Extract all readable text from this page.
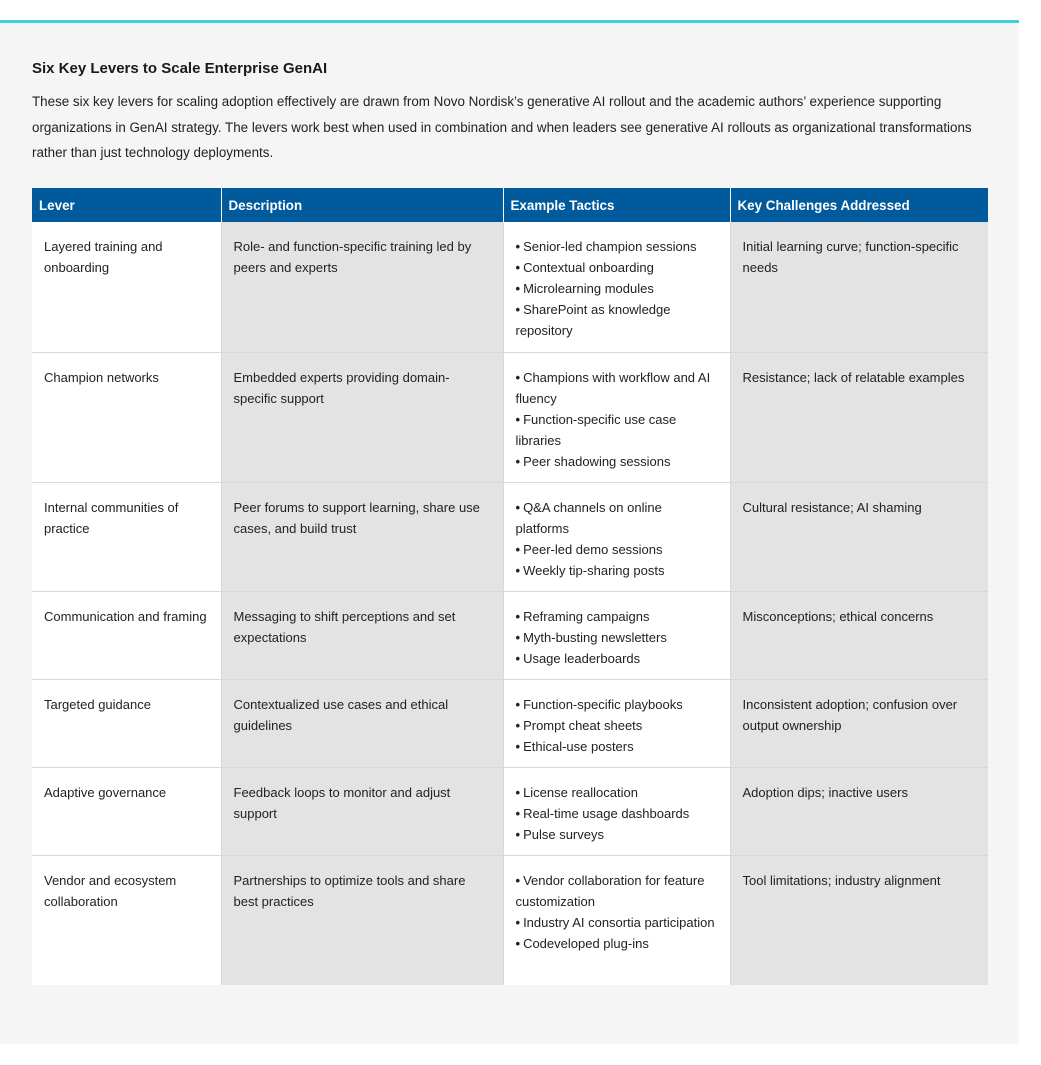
Six Key Levers to Scale Enterprise GenAI

These six key levers for scaling adoption effectively are drawn from Novo Nordisk’s generative AI rollout and the academic authors’ experience supporting organizations in GenAI strategy. The levers work best when used in combination and when leaders see generative AI rollouts as organizational transformations rather than just technology deployments.

Lever	Description	Example Tactics	Key Challenges Addressed
Layered training and onboarding	Role- and function-specific training led by peers and experts	• Senior-led champion sessions
• Contextual onboarding
• Microlearning modules
• SharePoint as knowledge repository	Initial learning curve; function-specific needs
Champion networks	Embedded experts providing domain-specific support	• Champions with workflow and AI fluency
• Function-specific use case libraries
• Peer shadowing sessions	Resistance; lack of relatable examples
Internal communities of practice	Peer forums to support learning, share use cases, and build trust	• Q&A channels on online platforms
• Peer-led demo sessions
• Weekly tip-sharing posts	Cultural resistance; AI shaming
Communication and framing	Messaging to shift perceptions and set expectations	• Reframing campaigns
• Myth-busting newsletters
• Usage leaderboards	Misconceptions; ethical concerns
Targeted guidance	Contextualized use cases and ethical guidelines	• Function-specific playbooks
• Prompt cheat sheets
• Ethical-use posters	Inconsistent adoption; confusion over output ownership
Adaptive governance	Feedback loops to monitor and adjust support	• License reallocation
• Real-time usage dashboards
• Pulse surveys	Adoption dips; inactive users
Vendor and ecosystem collaboration	Partnerships to optimize tools and share best practices	• Vendor collaboration for feature customization
• Industry AI consortia participation
• Codeveloped plug-ins	Tool limitations; industry alignment
